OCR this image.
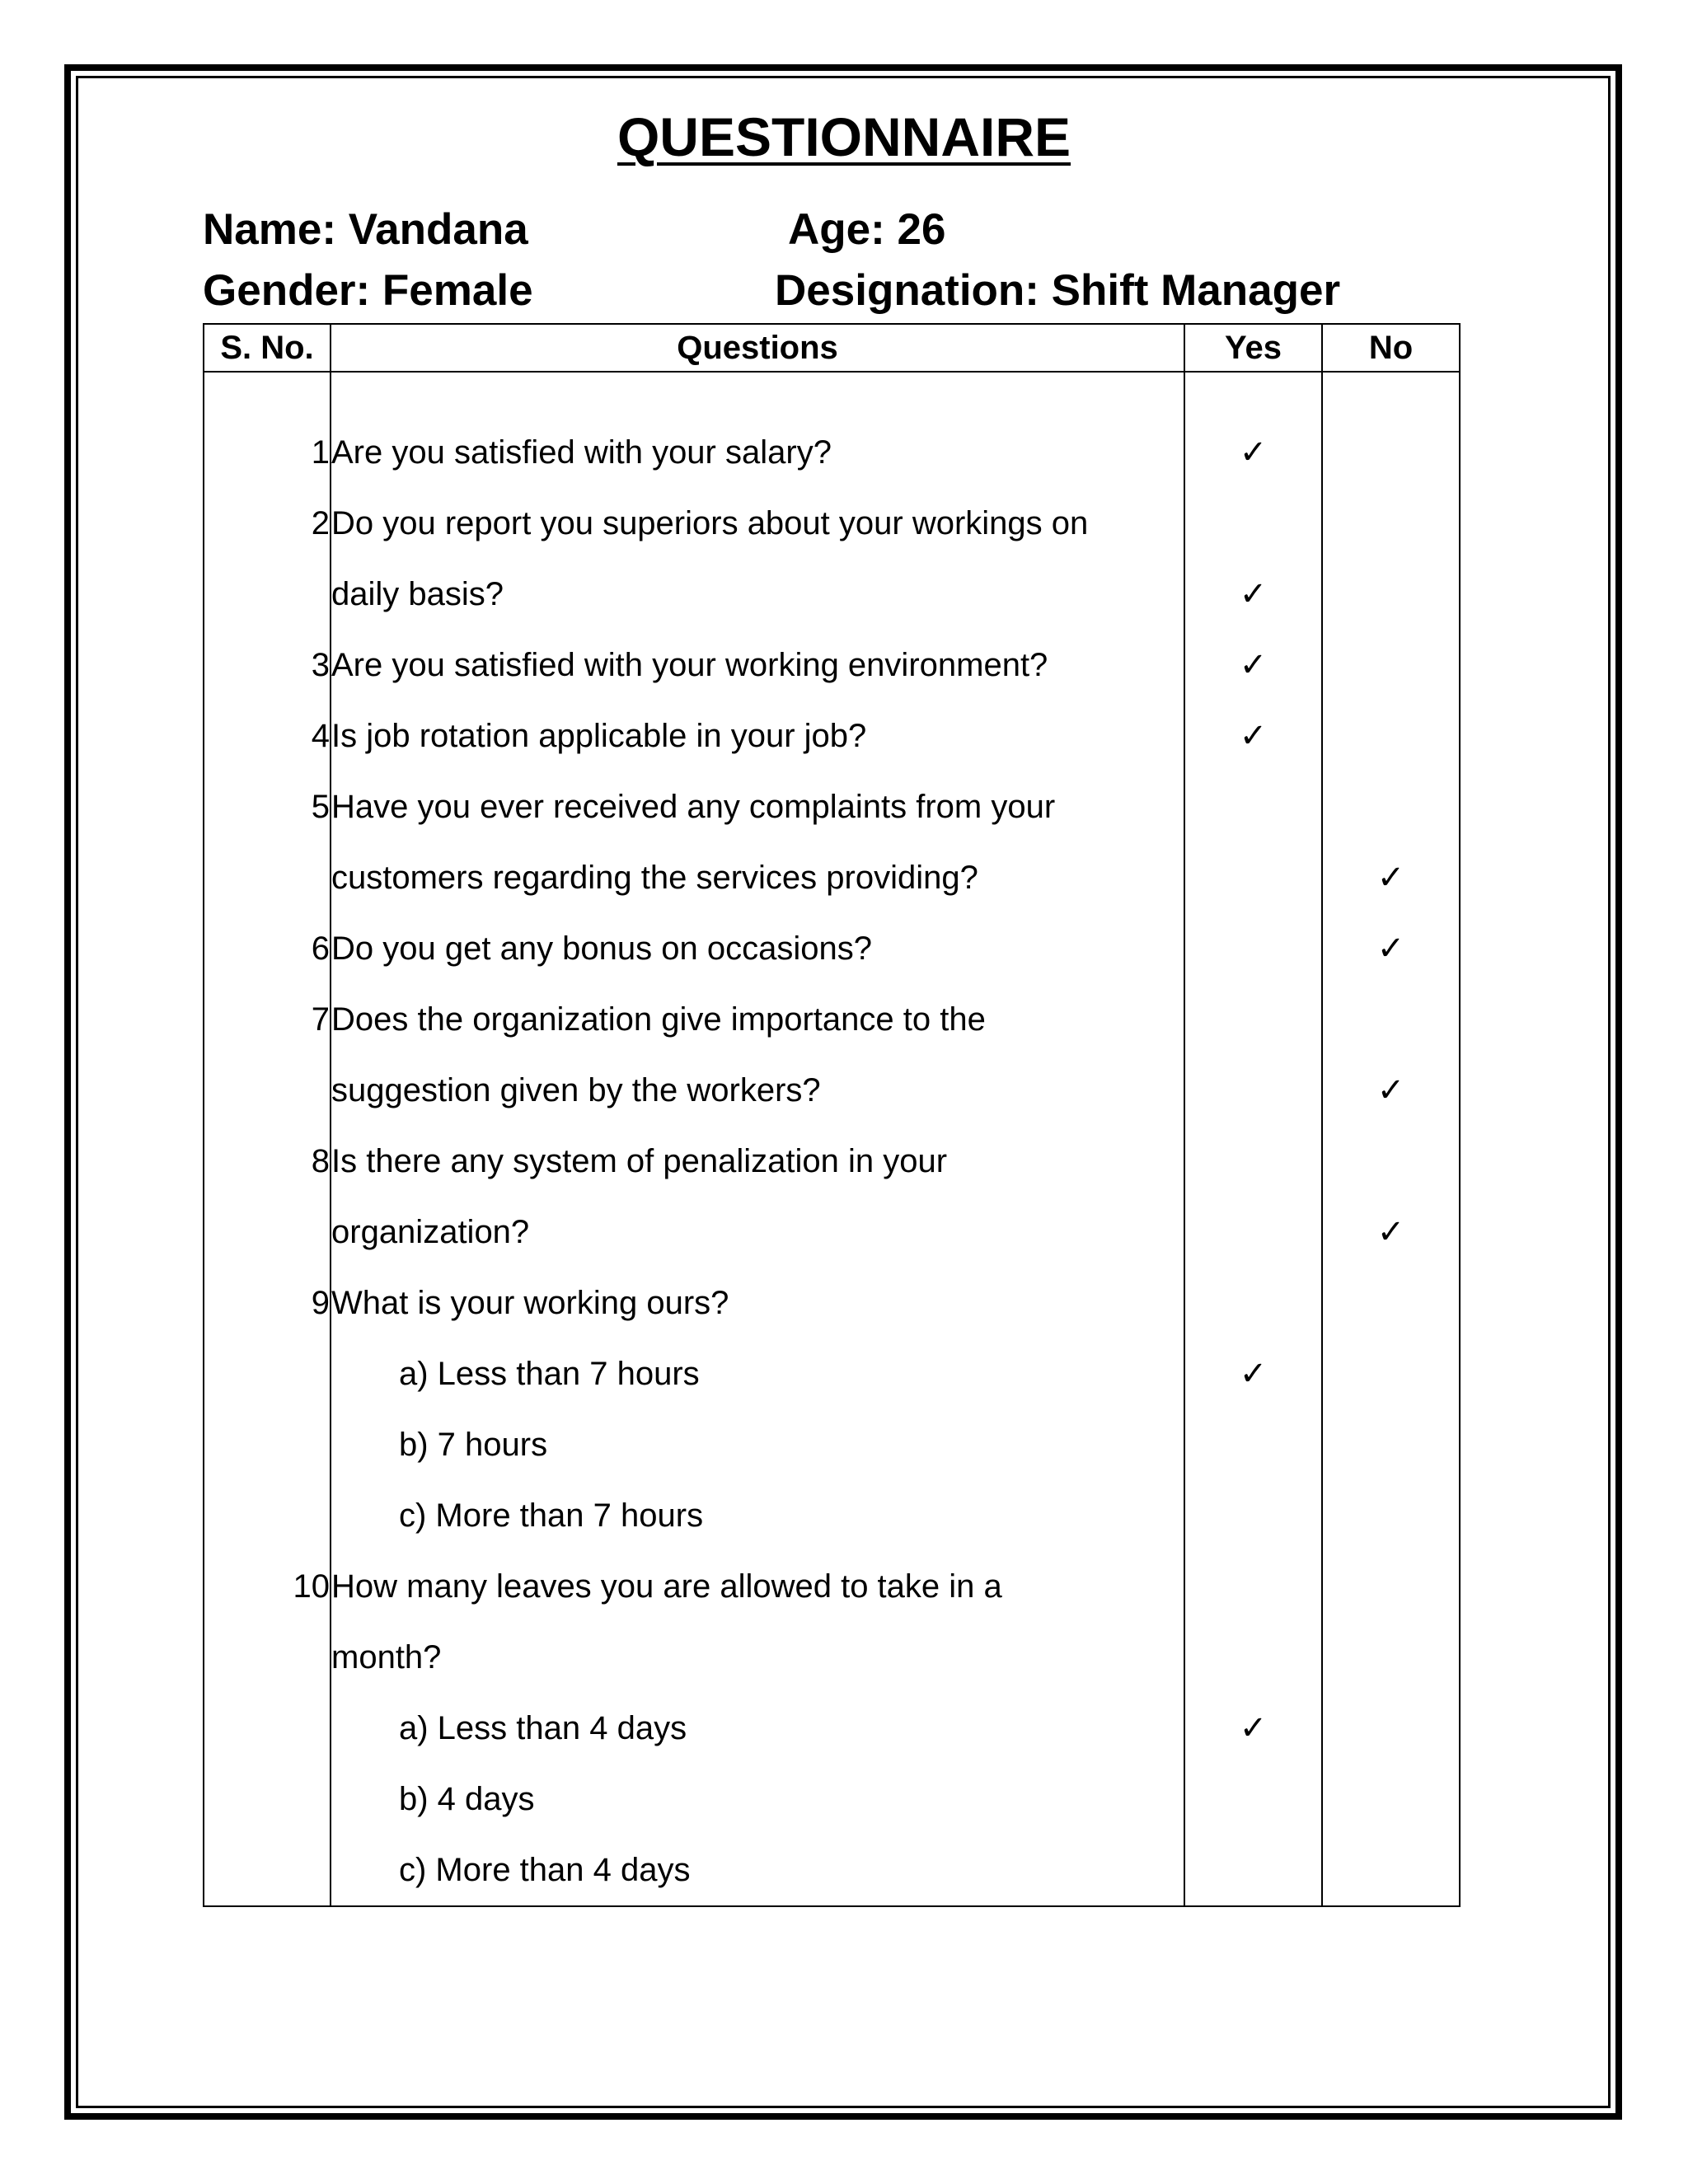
QUESTIONNAIRE
Name: Vandana	Age: 26
Gender: Female	Designation: Shift Manager
S. No.	Questions	Yes	No

1	Are you satisfied with your salary?	✓	
2	Do you report you superiors about your workings on		
	daily basis?	✓	
3	Are you satisfied with your working environment?	✓	
4	Is job rotation applicable in your job?	✓	
5	Have you ever received any complaints from your		
	customers regarding the services providing?		✓
6	Do you get any bonus on occasions?		✓
7	Does the organization give importance to the		
	suggestion given by the workers?		✓
8	Is there any system of penalization in your		
	organization?		✓
9	What is your working ours?		
	a) Less than 7 hours	✓	
	b) 7 hours		
	c) More than 7 hours		
10	How many leaves you are allowed to take in a		
	month?		
	a) Less than 4 days	✓	
	b) 4 days		
	c) More than 4 days		
